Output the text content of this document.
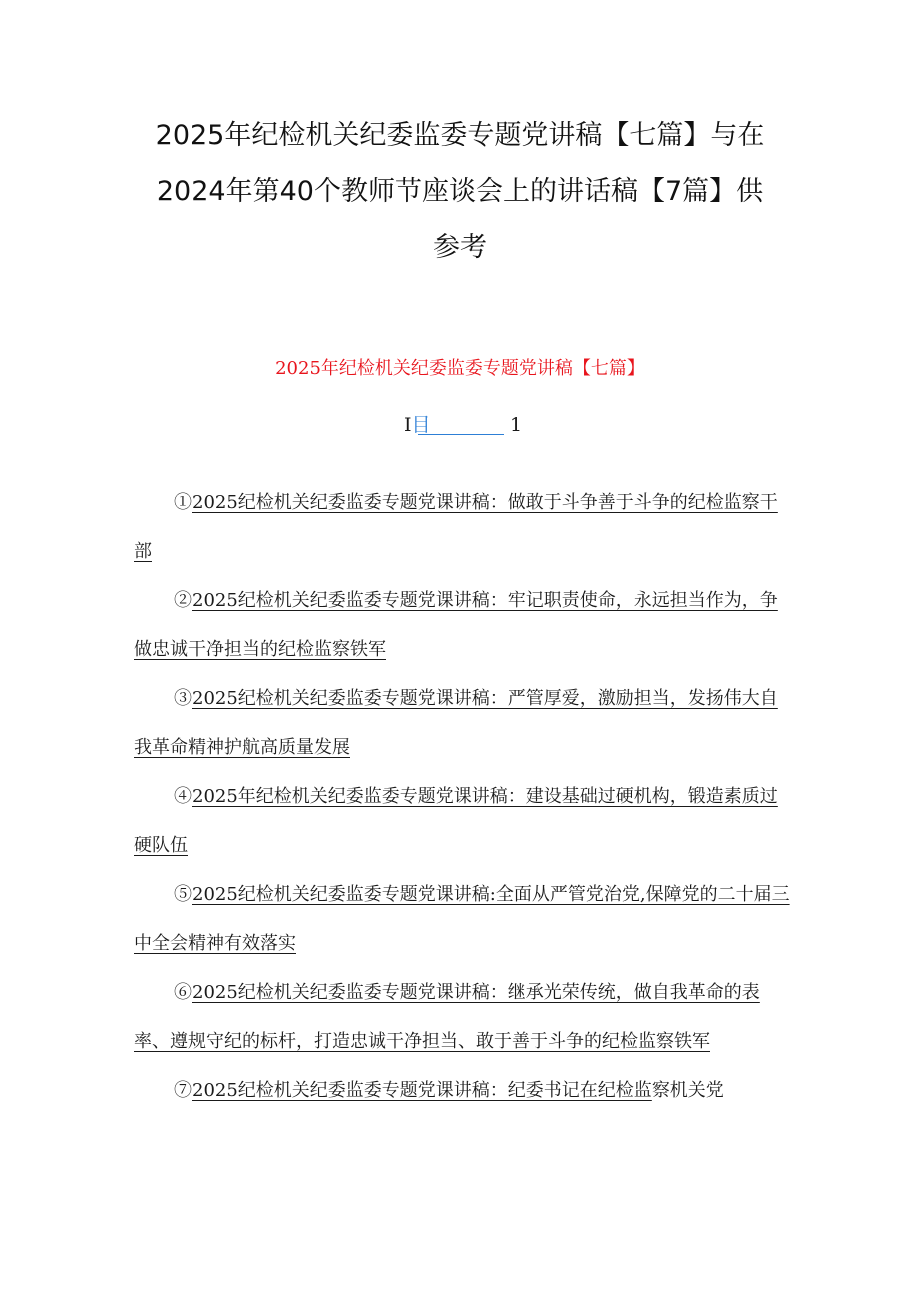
2025年纪检机关纪委监委专题党讲稿【七篇】与在
2024年第40个教师节座谈会上的讲话稿【7篇】供
参考
2025年纪检机关纪委监委专题党讲稿【七篇】
I目	1
①2025纪检机关纪委监委专题党课讲稿：做敢于斗争善于斗争的纪检监察干部
②2025纪检机关纪委监委专题党课讲稿：牢记职责使命，永远担当作为，争做忠诚干净担当的纪检监察铁军
③2025纪检机关纪委监委专题党课讲稿：严管厚爱，激励担当，发扬伟大自我革命精神护航高质量发展
④2025年纪检机关纪委监委专题党课讲稿：建设基础过硬机构，锻造素质过硬队伍
⑤2025纪检机关纪委监委专题党课讲稿:全面从严管党治党,保障党的二十届三中全会精神有效落实
⑥2025纪检机关纪委监委专题党课讲稿：继承光荣传统，做自我革命的表率、遵规守纪的标杆，打造忠诚干净担当、敢于善于斗争的纪检监察铁军
⑦2025纪检机关纪委监委专题党课讲稿：纪委书记在纪检监察机关党
